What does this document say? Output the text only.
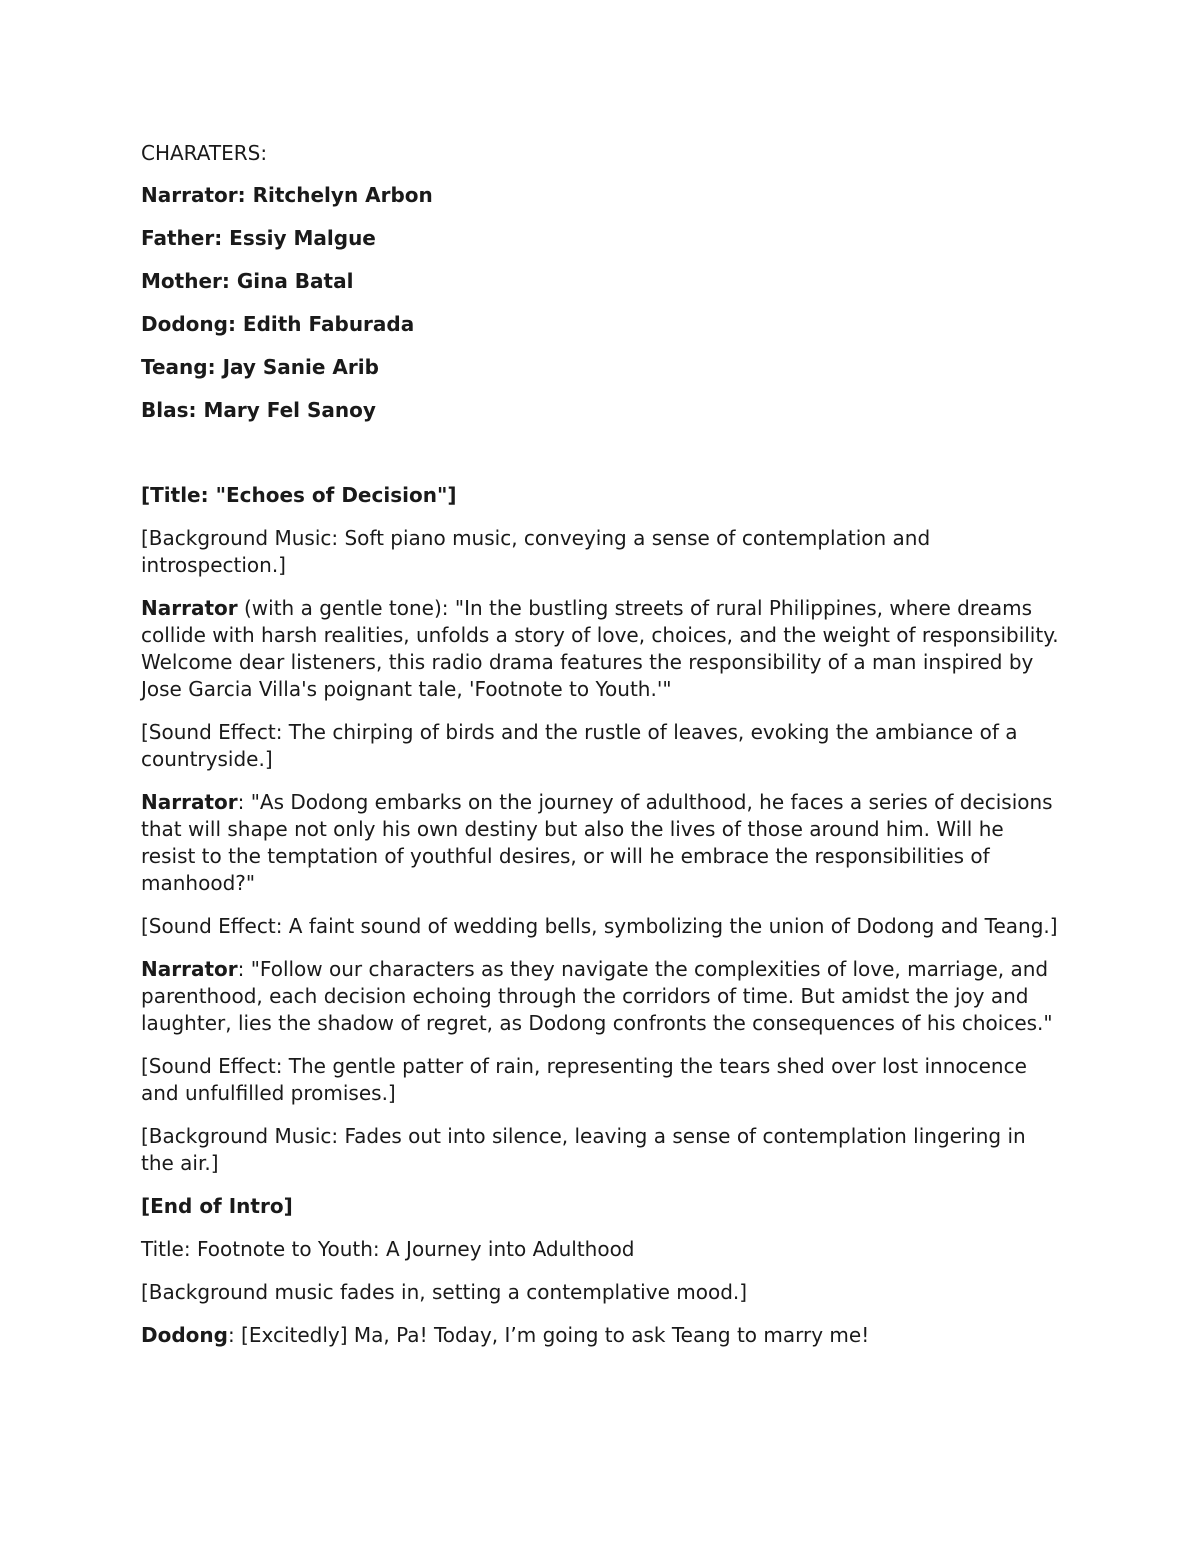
CHARATERS:

Narrator: Ritchelyn Arbon

Father: Essiy Malgue

Mother: Gina Batal

Dodong: Edith Faburada

Teang: Jay Sanie Arib

Blas: Mary Fel Sanoy

[Title: "Echoes of Decision"]

[Background Music: Soft piano music, conveying a sense of contemplation and introspection.]

Narrator (with a gentle tone): "In the bustling streets of rural Philippines, where dreams collide with harsh realities, unfolds a story of love, choices, and the weight of responsibility. Welcome dear listeners, this radio drama features the responsibility of a man inspired by Jose Garcia Villa's poignant tale, 'Footnote to Youth.'"

[Sound Effect: The chirping of birds and the rustle of leaves, evoking the ambiance of a countryside.]

Narrator: "As Dodong embarks on the journey of adulthood, he faces a series of decisions that will shape not only his own destiny but also the lives of those around him. Will he resist to the temptation of youthful desires, or will he embrace the responsibilities of manhood?"

[Sound Effect: A faint sound of wedding bells, symbolizing the union of Dodong and Teang.]

Narrator: "Follow our characters as they navigate the complexities of love, marriage, and parenthood, each decision echoing through the corridors of time. But amidst the joy and laughter, lies the shadow of regret, as Dodong confronts the consequences of his choices."

[Sound Effect: The gentle patter of rain, representing the tears shed over lost innocence and unfulfilled promises.]

[Background Music: Fades out into silence, leaving a sense of contemplation lingering in the air.]

[End of Intro]

Title: Footnote to Youth: A Journey into Adulthood

[Background music fades in, setting a contemplative mood.]

Dodong: [Excitedly] Ma, Pa! Today, I’m going to ask Teang to marry me!
